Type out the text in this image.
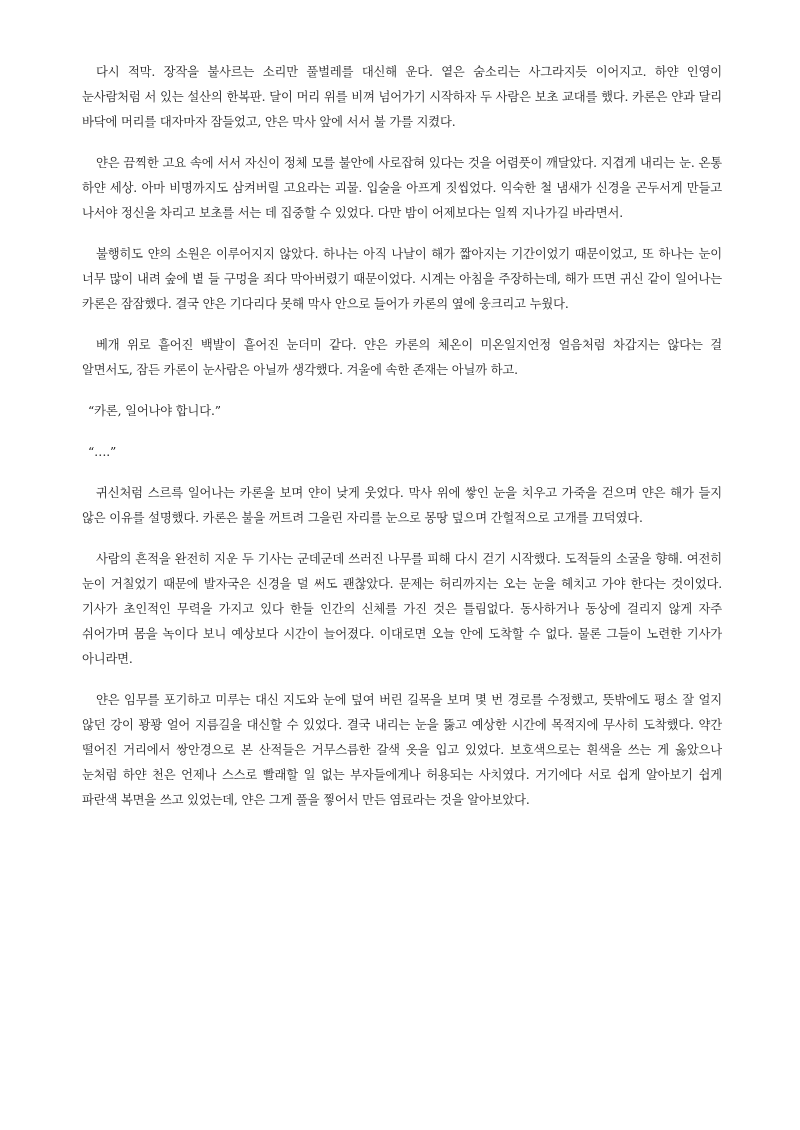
다시 적막. 장작을 불사르는 소리만 풀벌레를 대신해 운다. 옅은 숨소리는 사그라지듯 이어지고. 하얀 인영이 눈사람처럼 서 있는 설산의 한복판. 달이 머리 위를 비껴 넘어가기 시작하자 두 사람은 보초 교대를 했다. 카론은 얀과 달리 바닥에 머리를 대자마자 잠들었고, 얀은 막사 앞에 서서 불 가를 지켰다.

얀은 끔찍한 고요 속에 서서 자신이 정체 모를 불안에 사로잡혀 있다는 것을 어렴풋이 깨달았다. 지겹게 내리는 눈. 온통 하얀 세상. 아마 비명까지도 삼켜버릴 고요라는 괴물. 입술을 아프게 짓씹었다. 익숙한 철 냄새가 신경을 곤두서게 만들고 나서야 정신을 차리고 보초를 서는 데 집중할 수 있었다. 다만 밤이 어제보다는 일찍 지나가길 바라면서.

불행히도 얀의 소원은 이루어지지 않았다. 하나는 아직 나날이 해가 짧아지는 기간이었기 때문이었고, 또 하나는 눈이 너무 많이 내려 숲에 볕 들 구멍을 죄다 막아버렸기 때문이었다. 시계는 아침을 주장하는데, 해가 뜨면 귀신 같이 일어나는 카론은 잠잠했다. 결국 얀은 기다리다 못해 막사 안으로 들어가 카론의 옆에 웅크리고 누웠다.

베개 위로 흩어진 백발이 흩어진 눈더미 같다. 얀은 카론의 체온이 미온일지언정 얼음처럼 차갑지는 않다는 걸 알면서도, 잠든 카론이 눈사람은 아닐까 생각했다. 겨울에 속한 존재는 아닐까 하고.

“카론, 일어나야 합니다.”

“….”

귀신처럼 스르륵 일어나는 카론을 보며 얀이 낮게 웃었다. 막사 위에 쌓인 눈을 치우고 가죽을 걷으며 얀은 해가 들지 않은 이유를 설명했다. 카론은 불을 꺼트려 그을린 자리를 눈으로 몽땅 덮으며 간헐적으로 고개를 끄덕였다.

사람의 흔적을 완전히 지운 두 기사는 군데군데 쓰러진 나무를 피해 다시 걷기 시작했다. 도적들의 소굴을 향해. 여전히 눈이 거칠었기 때문에 발자국은 신경을 덜 써도 괜찮았다. 문제는 허리까지는 오는 눈을 헤치고 가야 한다는 것이었다. 기사가 초인적인 무력을 가지고 있다 한들 인간의 신체를 가진 것은 틀림없다. 동사하거나 동상에 걸리지 않게 자주 쉬어가며 몸을 녹이다 보니 예상보다 시간이 늘어졌다. 이대로면 오늘 안에 도착할 수 없다. 물론 그들이 노련한 기사가 아니라면.

얀은 임무를 포기하고 미루는 대신 지도와 눈에 덮여 버린 길목을 보며 몇 번 경로를 수정했고, 뜻밖에도 평소 잘 얼지 않던 강이 꽝꽝 얼어 지름길을 대신할 수 있었다. 결국 내리는 눈을 뚫고 예상한 시간에 목적지에 무사히 도착했다. 약간 떨어진 거리에서 쌍안경으로 본 산적들은 거무스름한 갈색 옷을 입고 있었다. 보호색으로는 흰색을 쓰는 게 옳았으나 눈처럼 하얀 천은 언제나 스스로 빨래할 일 없는 부자들에게나 허용되는 사치였다. 거기에다 서로 쉽게 알아보기 쉽게 파란색 복면을 쓰고 있었는데, 얀은 그게 풀을 찧어서 만든 염료라는 것을 알아보았다.
